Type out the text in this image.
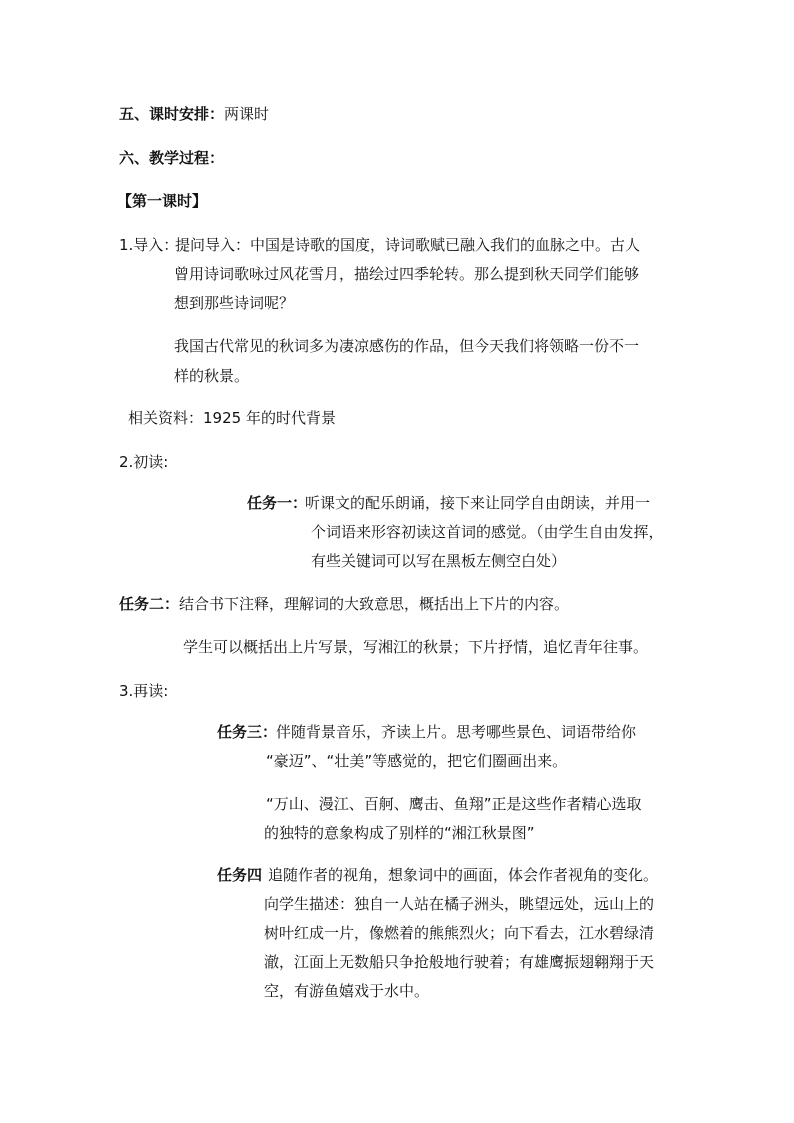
五、课时安排：两课时
六、教学过程：
【第一课时】
1.导入：
提问导入：中国是诗歌的国度，诗词歌赋已融入我们的血脉之中。古人
曾用诗词歌咏过风花雪月，描绘过四季轮转。那么提到秋天同学们能够
想到那些诗词呢？
我国古代常见的秋词多为凄凉感伤的作品，但今天我们将领略一份不一
样的秋景。
相关资料：1925 年的时代背景
2.初读:
任务一：
听课文的配乐朗诵，接下来让同学自由朗读，并用一
个词语来形容初读这首词的感觉。（由学生自由发挥，
有些关键词可以写在黑板左侧空白处）
任务二：结合书下注释，理解词的大致意思，概括出上下片的内容。
学生可以概括出上片写景，写湘江的秋景；下片抒情，追忆青年往事。
3.再读:
任务三：
伴随背景音乐，齐读上片。思考哪些景色、词语带给你
“豪迈”、“壮美”等感觉的，把它们圈画出来。
“万山、漫江、百舸、鹰击、鱼翔”正是这些作者精心选取
的独特的意象构成了别样的“湘江秋景图”
任务四 追随作者的视角，想象词中的画面，体会作者视角的变化。
向学生描述：独自一人站在橘子洲头，眺望远处，远山上的
树叶红成一片，像燃着的熊熊烈火；向下看去，江水碧绿清
澈，江面上无数船只争抢般地行驶着；有雄鹰振翅翱翔于天
空，有游鱼嬉戏于水中。
